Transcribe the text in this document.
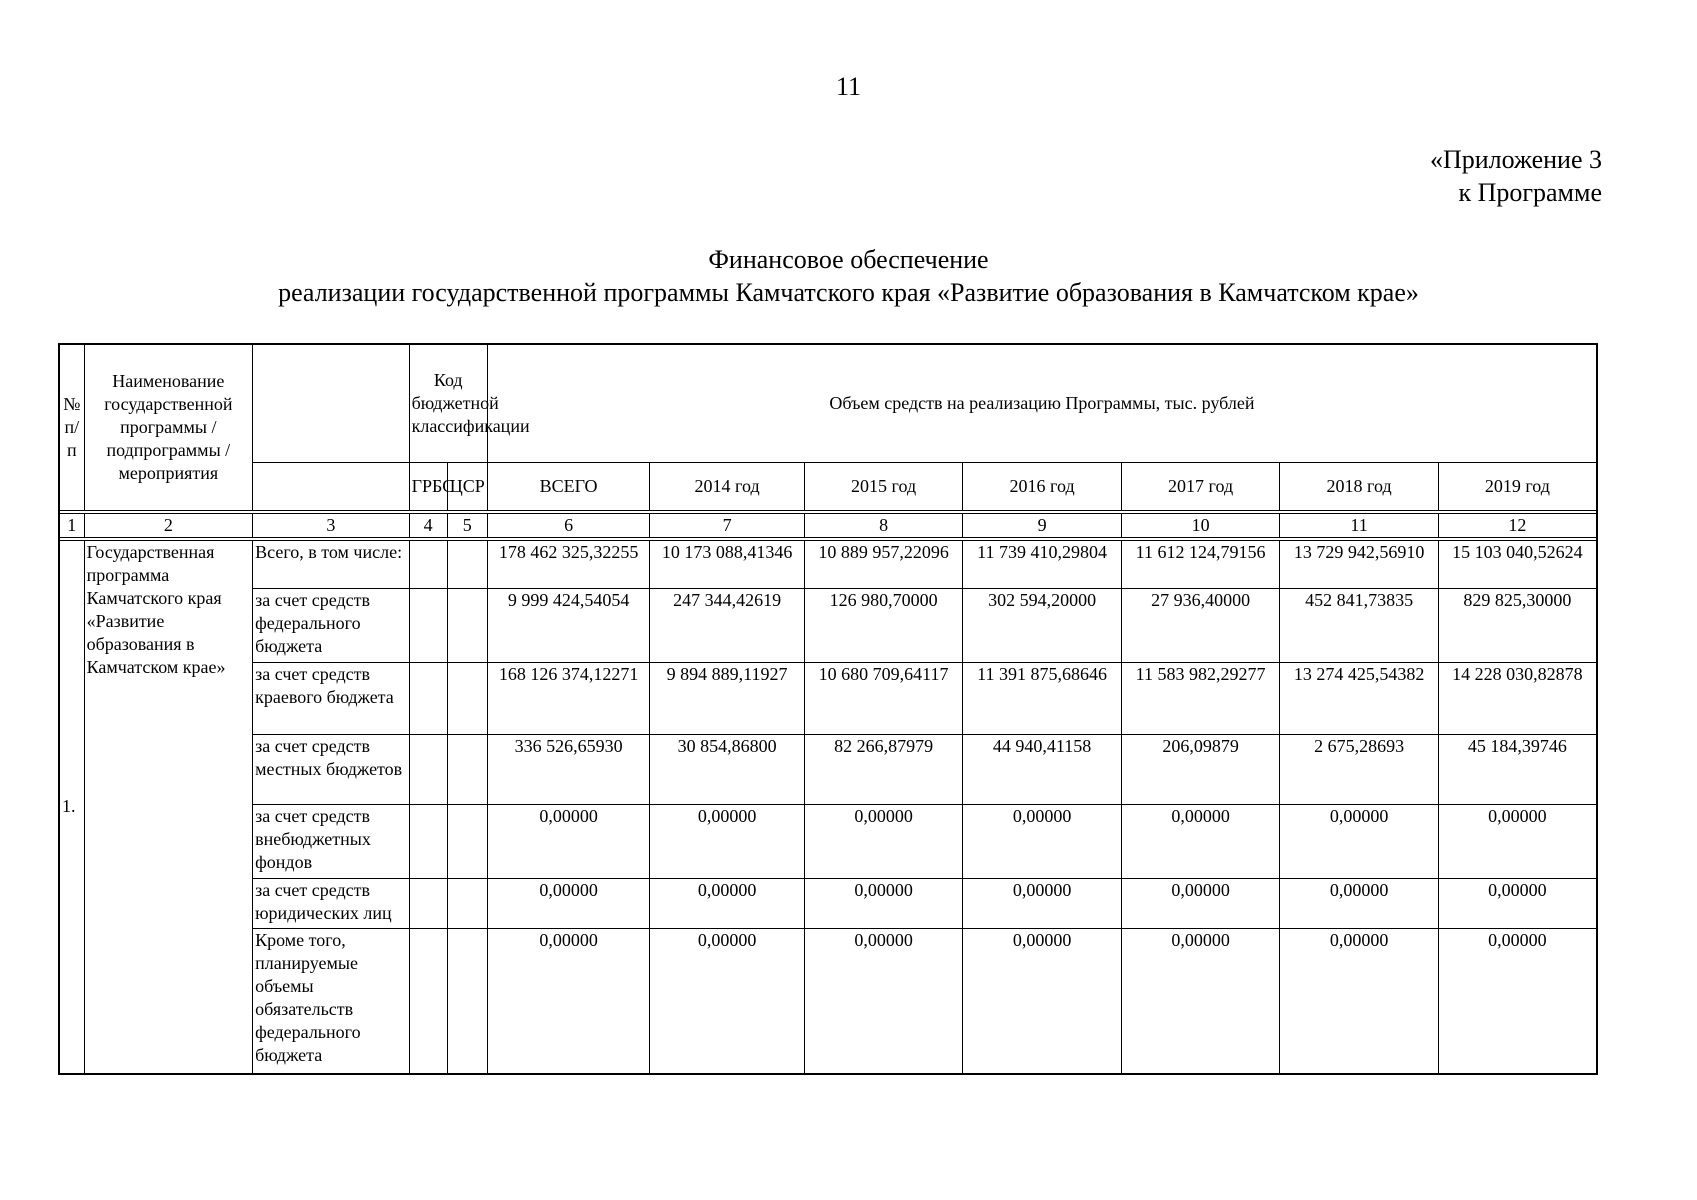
11
«Приложение 3
к Программе
Финансовое обеспечение
реализации государственной программы Камчатского края «Развитие образования в Камчатском крае»
№ п/п	Наименование государственной программы / подпрограммы / мероприятия		Код бюджетной классификации		Объем средств на реализацию Программы, тыс. рублей						
			ГРБС	ЦСР	ВСЕГО	2014 год	2015 год	2016 год	2017 год	2018 год	2019 год

1	2	3	4	5	6	7	8	9	10	11	12

1.	Государственная программа Камчатского края «Развитие образования в Камчатском крае»	Всего, в том числе:			178 462 325,32255	10 173 088,41346	10 889 957,22096	11 739 410,29804	11 612 124,79156	13 729 942,56910	15 103 040,52624
		за счет средств федерального бюджета			9 999 424,54054	247 344,42619	126 980,70000	302 594,20000	27 936,40000	452 841,73835	829 825,30000
		за счет средств краевого бюджета			168 126 374,12271	9 894 889,11927	10 680 709,64117	11 391 875,68646	11 583 982,29277	13 274 425,54382	14 228 030,82878
		за счет средств местных бюджетов			336 526,65930	30 854,86800	82 266,87979	44 940,41158	206,09879	2 675,28693	45 184,39746
		за счет средств внебюджетных фондов			0,00000	0,00000	0,00000	0,00000	0,00000	0,00000	0,00000
		за счет средств юридических лиц			0,00000	0,00000	0,00000	0,00000	0,00000	0,00000	0,00000
		Кроме того, планируемые объемы обязательств федерального бюджета			0,00000	0,00000	0,00000	0,00000	0,00000	0,00000	0,00000
